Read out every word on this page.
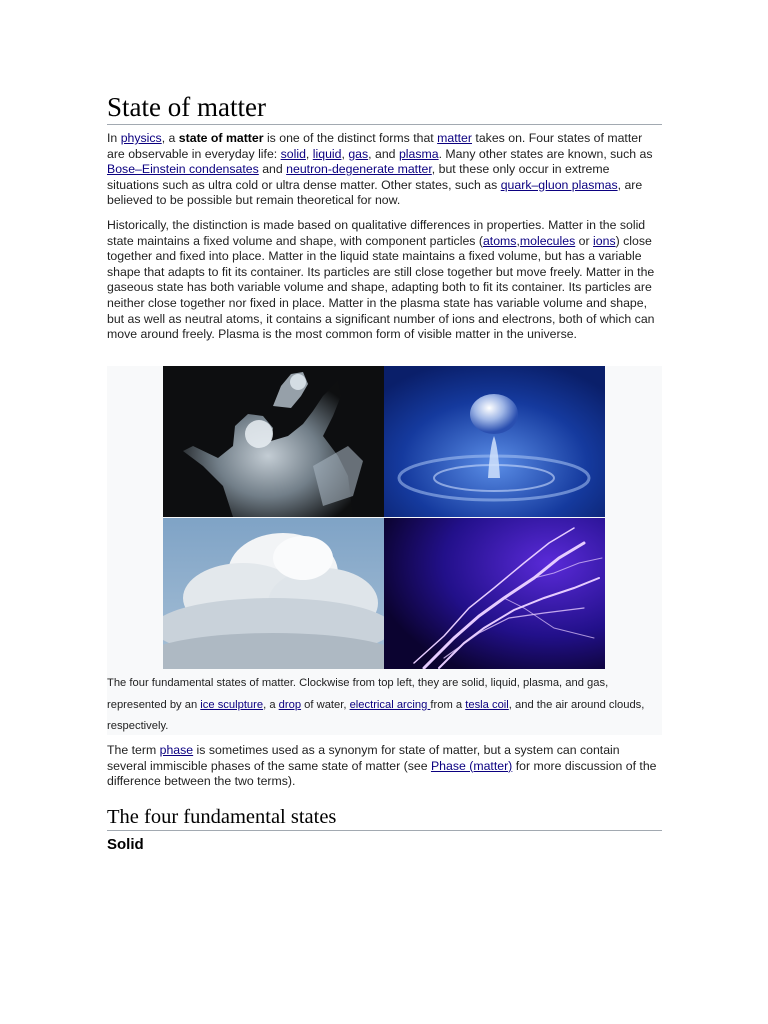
State of matter
In physics, a state of matter is one of the distinct forms that matter takes on. Four states of matter are observable in everyday life: solid, liquid, gas, and plasma. Many other states are known, such as Bose–Einstein condensates and neutron-degenerate matter, but these only occur in extreme situations such as ultra cold or ultra dense matter. Other states, such as quark–gluon plasmas, are believed to be possible but remain theoretical for now.
Historically, the distinction is made based on qualitative differences in properties. Matter in the solid state maintains a fixed volume and shape, with component particles (atoms,molecules or ions) close together and fixed into place. Matter in the liquid state maintains a fixed volume, but has a variable shape that adapts to fit its container. Its particles are still close together but move freely. Matter in the gaseous state has both variable volume and shape, adapting both to fit its container. Its particles are neither close together nor fixed in place. Matter in the plasma state has variable volume and shape, but as well as neutral atoms, it contains a significant number of ions and electrons, both of which can move around freely. Plasma is the most common form of visible matter in the universe.
The four fundamental states of matter. Clockwise from top left, they are solid, liquid, plasma, and gas, represented by an ice sculpture, a drop of water, electrical arcing from a tesla coil, and the air around clouds, respectively.
The term phase is sometimes used as a synonym for state of matter, but a system can contain several immiscible phases of the same state of matter (see Phase (matter) for more discussion of the difference between the two terms).
The four fundamental states
Solid
